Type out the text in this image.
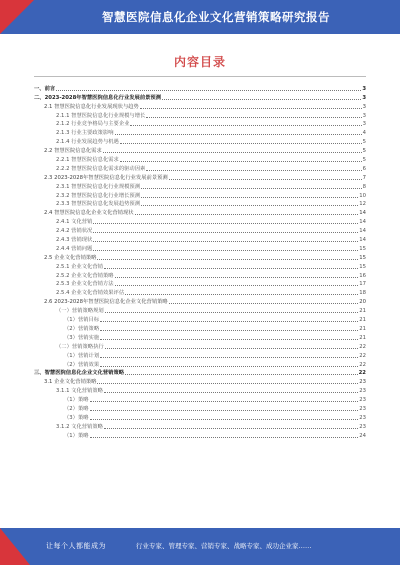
智慧医院信息化企业文化营销策略研究报告
内容目录
一、前言	3
二、2023-2028年智慧医院信息化行业发展前景预测	3
2.1 智慧医院信息化行业发展现状与趋势	3
2.1.1 智慧医院信息化行业规模与增长	3
2.1.2 行业竞争格局与主要企业	3
2.1.3 行业主要政策影响	4
2.1.4 行业发展趋势与机遇	5
2.2 智慧医院信息化需求	5
2.2.1 智慧医院信息化需求	5
2.2.2 智慧医院信息化需求的驱动因素	6
2.3 2023-2028年智慧医院信息化行业发展前景预测	7
2.3.1 智慧医院信息化行业规模预测	8
2.3.2 智慧医院信息化行业增长预测	10
2.3.3 智慧医院信息化发展趋势预测	12
2.4 智慧医院信息化企业文化营销现状	14
2.4.1 文化营销	14
2.4.2 营销状况	14
2.4.3 营销现状	14
2.4.4 营销问题	15
2.5 企业文化营销策略	15
2.5.1 企业文化营销	15
2.5.2 企业文化营销策略	16
2.5.3 企业文化营销方法	17
2.5.4 企业文化营销效果评估	18
2.6 2023-2028年智慧医院信息化企业文化营销策略	20
（一）营销策略规划	21
（1）营销目标	21
（2）营销策略	21
（3）营销实施	21
（二）营销策略执行	22
（1）营销计划	22
（2）营销效果	22
三、智慧医院信息化企业文化营销策略	22
3.1 企业文化营销策略	23
3.1.1 文化营销策略	23
（1）策略	23
（2）策略	23
（3）策略	23
3.1.2 文化营销策略	23
（1）策略	24
让每个人都能成为	行业专家、管理专家、营销专家、战略专家、成功企业家……
